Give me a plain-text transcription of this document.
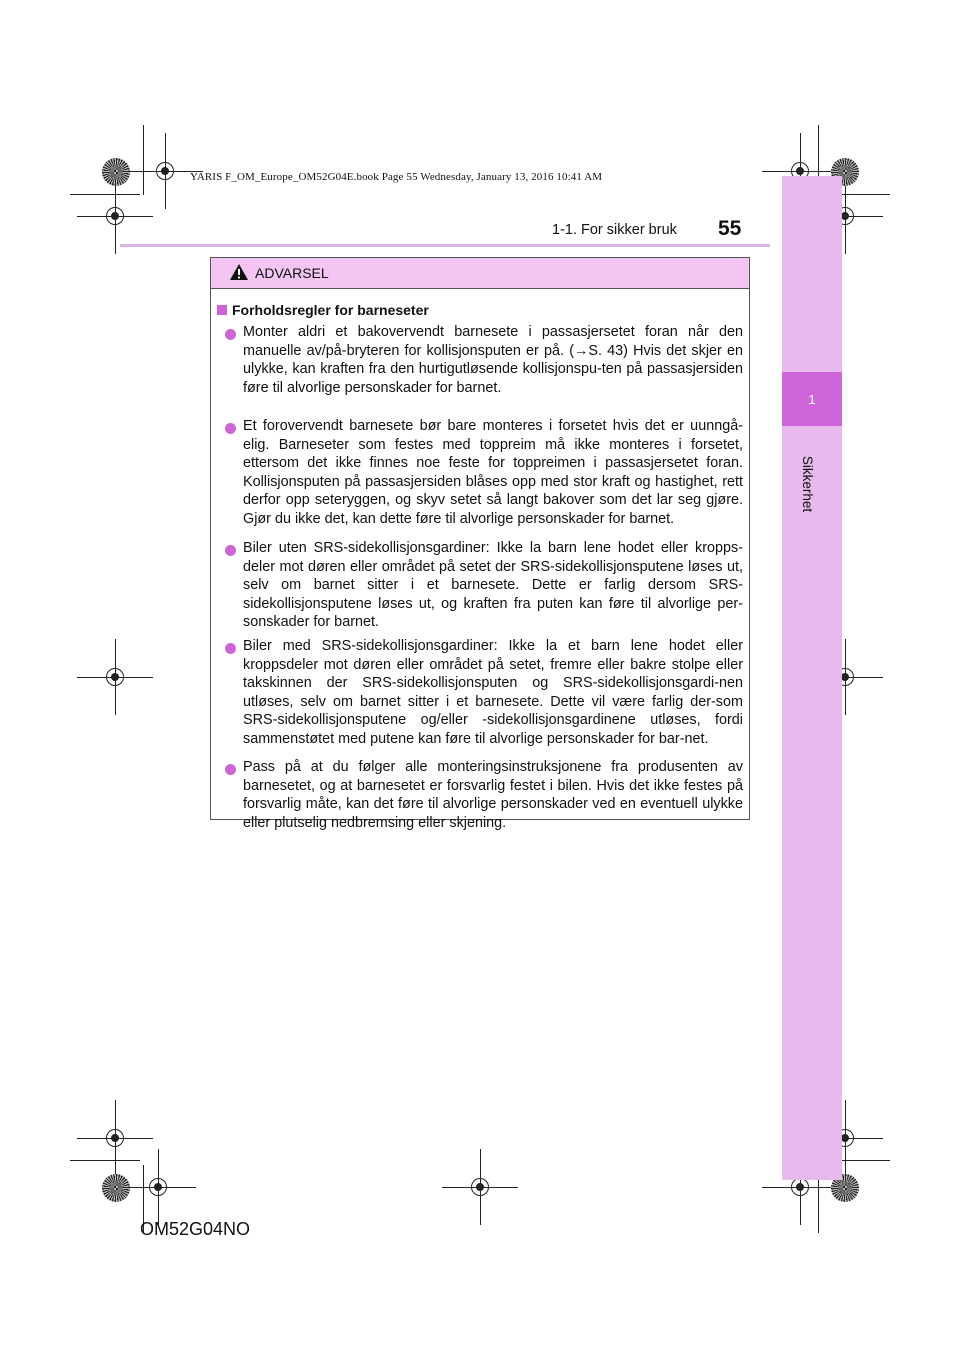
YARIS F_OM_Europe_OM52G04E.book Page 55 Wednesday, January 13, 2016 10:41 AM
1
Sikkerhet
1-1. For sikker bruk 55
ADVARSEL
Forholdsregler for barneseter
Monter aldri et bakovervendt barnesete i passasjersetet foran når den manuelle av/på-bryteren for kollisjonsputen er på. (→S. 43) Hvis det skjer en ulykke, kan kraften fra den hurtigutløsende kollisjonspu-ten på passasjersiden føre til alvorlige personskader for barnet.
Et forovervendt barnesete bør bare monteres i forsetet hvis det er uunngå-elig. Barneseter som festes med toppreim må ikke monteres i forsetet, ettersom det ikke finnes noe feste for toppreimen i passasjersetet foran. Kollisjonsputen på passasjersiden blåses opp med stor kraft og hastighet, rett derfor opp seteryggen, og skyv setet så langt bakover som det lar seg gjøre. Gjør du ikke det, kan dette føre til alvorlige personskader for barnet.
Biler uten SRS-sidekollisjonsgardiner: Ikke la barn lene hodet eller kropps-deler mot døren eller området på setet der SRS-sidekollisjonsputene løses ut, selv om barnet sitter i et barnesete. Dette er farlig dersom SRS-sidekollisjonsputene løses ut, og kraften fra puten kan føre til alvorlige per-sonskader for barnet.
Biler med SRS-sidekollisjonsgardiner: Ikke la et barn lene hodet eller kroppsdeler mot døren eller området på setet, fremre eller bakre stolpe eller takskinnen der SRS-sidekollisjonsputen og SRS-sidekollisjonsgardi-nen utløses, selv om barnet sitter i et barnesete. Dette vil være farlig der-som SRS-sidekollisjonsputene og/eller -sidekollisjonsgardinene utløses, fordi sammenstøtet med putene kan føre til alvorlige personskader for bar-net.
Pass på at du følger alle monteringsinstruksjonene fra produsenten av barnesetet, og at barnesetet er forsvarlig festet i bilen. Hvis det ikke festes på forsvarlig måte, kan det føre til alvorlige personskader ved en eventuell ulykke eller plutselig nedbremsing eller skjening.
OM52G04NO
